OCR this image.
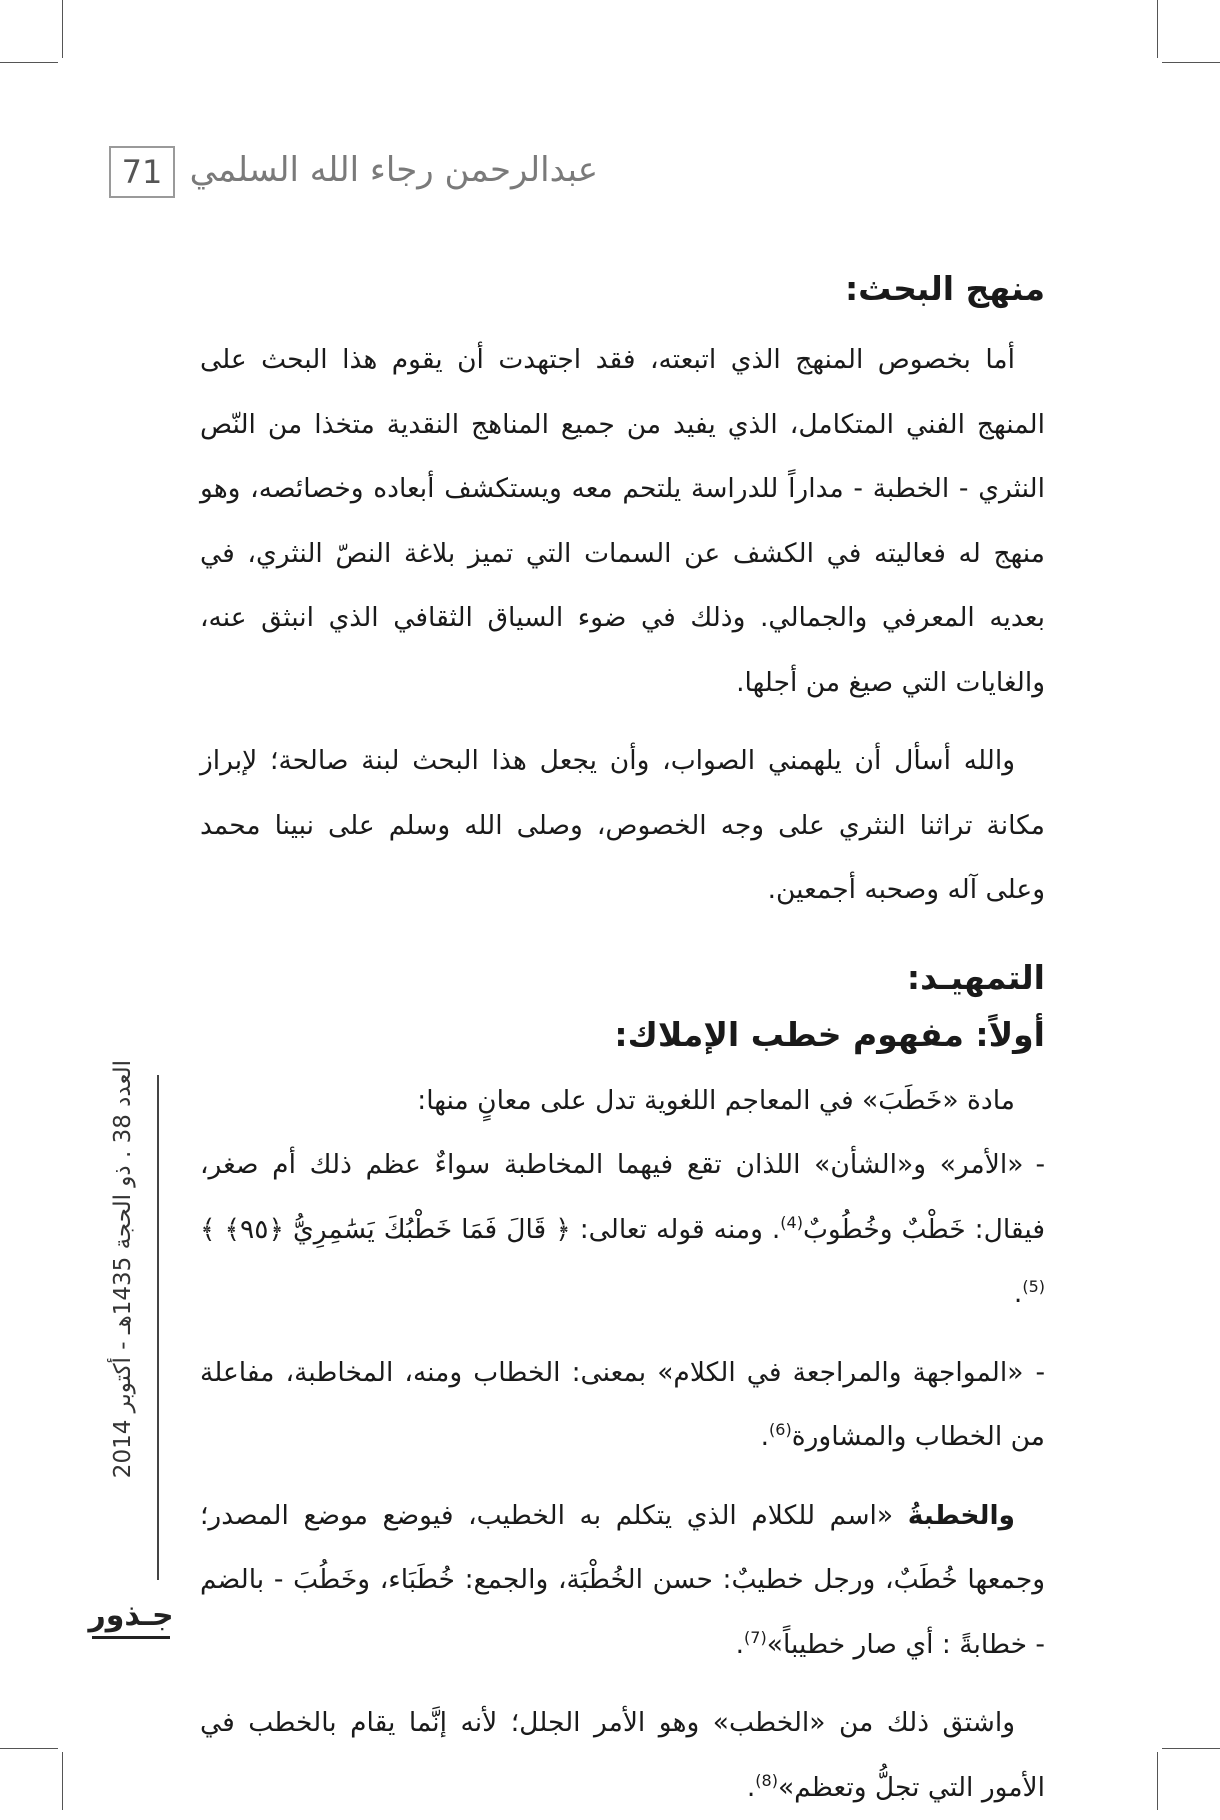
71 عبدالرحمن رجاء الله السلمي
العدد 38 . ذو الحجة 1435هـ - أكتوبر 2014
جـذور
منهج البحث:

أما بخصوص المنهج الذي اتبعته، فقد اجتهدت أن يقوم هذا البحث على المنهج الفني المتكامل، الذي يفيد من جميع المناهج النقدية متخذا من النّص النثري - الخطبة - مداراً للدراسة يلتحم معه ويستكشف أبعاده وخصائصه، وهو منهج له فعاليته في الكشف عن السمات التي تميز بلاغة النصّ النثري، في بعديه المعرفي والجمالي. وذلك في ضوء السياق الثقافي الذي انبثق عنه، والغايات التي صيغ من أجلها.

والله أسأل أن يلهمني الصواب، وأن يجعل هذا البحث لبنة صالحة؛ لإبراز مكانة تراثنا النثري على وجه الخصوص، وصلى الله وسلم على نبينا محمد وعلى آله وصحبه أجمعين.

التمهيـد:
أولاً: مفهوم خطب الإملاك:

مادة «خَطَبَ» في المعاجم اللغوية تدل على معانٍ منها:

-«الأمر» و«الشأن» اللذان تقع فيهما المخاطبة سواءٌ عظم ذلك أم صغر، فيقال: خَطْبٌ وخُطُوبٌ$^{(4)}$. ومنه قوله تعالى: ﴿ قَالَ فَمَا خَطْبُكَ يَسَٰمِرِيُّ ﴿٩٥﴾ ﴾$^{(5)}$.

-«المواجهة والمراجعة في الكلام» بمعنى: الخطاب ومنه، المخاطبة، مفاعلة من الخطاب والمشاورة$^{(6)}$.

والخطبةُ «اسم للكلام الذي يتكلم به الخطيب، فيوضع موضع المصدر؛ وجمعها خُطَبٌ، ورجل خطيبٌ: حسن الخُطْبَة، والجمع: خُطَبَاء، وخَطُبَ - بالضم - خطابةً : أي صار خطيباً»$^{(7)}$.

واشتق ذلك من «الخطب» وهو الأمر الجلل؛ لأنه إنَّما يقام بالخطب في الأمور التي تجلُّ وتعظم»$^{(8)}$.
